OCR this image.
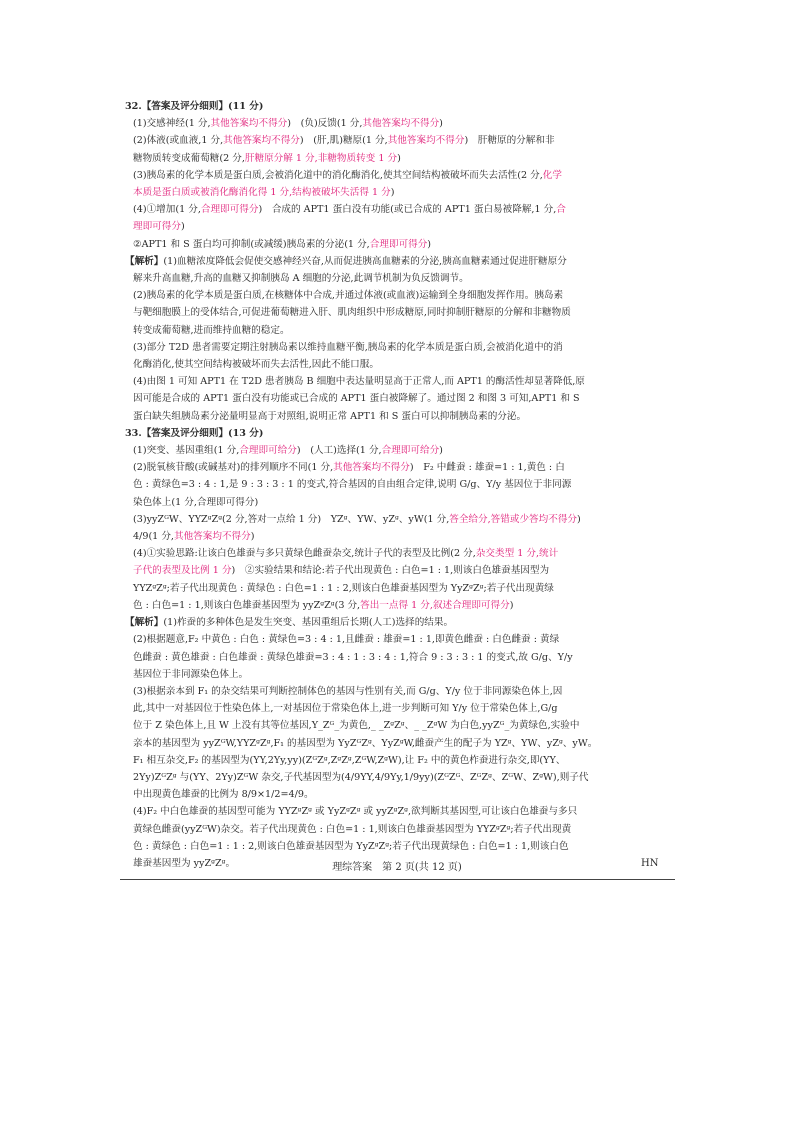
32.【答案及评分细则】(11 分)

(1)交感神经(1 分,其他答案均不得分)　(负)反馈(1 分,其他答案均不得分)

(2)体液(或血液,1 分,其他答案均不得分)　(肝,肌)糖原(1 分,其他答案均不得分)　肝糖原的分解和非

糖物质转变成葡萄糖(2 分,肝糖原分解 1 分,非糖物质转变 1 分)

(3)胰岛素的化学本质是蛋白质,会被消化道中的消化酶消化,使其空间结构被破坏而失去活性(2 分,化学

本质是蛋白质或被消化酶消化得 1 分,结构被破坏失活得 1 分)

(4)①增加(1 分,合理即可得分)　合成的 APT1 蛋白没有功能(或已合成的 APT1 蛋白易被降解,1 分,合

理即可得分)

②APT1 和 S 蛋白均可抑制(或减缓)胰岛素的分泌(1 分,合理即可得分)

【解析】(1)血糖浓度降低会促使交感神经兴奋,从而促进胰高血糖素的分泌,胰高血糖素通过促进肝糖原分

解来升高血糖,升高的血糖又抑制胰岛 A 细胞的分泌,此调节机制为负反馈调节。

(2)胰岛素的化学本质是蛋白质,在核糖体中合成,并通过体液(或血液)运输到全身细胞发挥作用。胰岛素

与靶细胞膜上的受体结合,可促进葡萄糖进入肝、肌肉组织中形成糖原,同时抑制肝糖原的分解和非糖物质

转变成葡萄糖,进而维持血糖的稳定。

(3)部分 T2D 患者需要定期注射胰岛素以维持血糖平衡,胰岛素的化学本质是蛋白质,会被消化道中的消

化酶消化,使其空间结构被破坏而失去活性,因此不能口服。

(4)由图 1 可知 APT1 在 T2D 患者胰岛 B 细胞中表达量明显高于正常人,而 APT1 的酶活性却显著降低,原

因可能是合成的 APT1 蛋白没有功能或已合成的 APT1 蛋白被降解了。通过图 2 和图 3 可知,APT1 和 S

蛋白缺失组胰岛素分泌量明显高于对照组,说明正常 APT1 和 S 蛋白可以抑制胰岛素的分泌。

33.【答案及评分细则】(13 分)

(1)突变、基因重组(1 分,合理即可给分)　(人工)选择(1 分,合理即可给分)

(2)脱氧核苷酸(或碱基对)的排列顺序不同(1 分,其他答案均不得分)　F₂ 中雌蚕 : 雄蚕=1 : 1,黄色 : 白

色 : 黄绿色=3 : 4 : 1,是 9 : 3 : 3 : 1 的变式,符合基因的自由组合定律,说明 G/g、Y/y 基因位于非同源

染色体上(1 分,合理即可得分)

(3)yyZᴳW、YYZᵍZᵍ(2 分,答对一点给 1 分)　YZᵍ、YW、yZᵍ、yW(1 分,答全给分,答错或少答均不得分)

4/9(1 分,其他答案均不得分)

(4)①实验思路:让该白色雄蚕与多只黄绿色雌蚕杂交,统计子代的表型及比例(2 分,杂交类型 1 分,统计

子代的表型及比例 1 分)　②实验结果和结论:若子代出现黄色 : 白色=1 : 1,则该白色雄蚕基因型为

YYZᵍZᵍ;若子代出现黄色 : 黄绿色 : 白色=1 : 1 : 2,则该白色雄蚕基因型为 YyZᵍZᵍ;若子代出现黄绿

色 : 白色=1 : 1,则该白色雄蚕基因型为 yyZᵍZᵍ(3 分,答出一点得 1 分,叙述合理即可得分)

【解析】(1)柞蚕的多种体色是发生突变、基因重组后长期(人工)选择的结果。

(2)根据题意,F₂ 中黄色 : 白色 : 黄绿色=3 : 4 : 1,且雌蚕 : 雄蚕=1 : 1,即黄色雌蚕 : 白色雌蚕 : 黄绿

色雌蚕 : 黄色雄蚕 : 白色雄蚕 : 黄绿色雄蚕=3 : 4 : 1 : 3 : 4 : 1,符合 9 : 3 : 3 : 1 的变式,故 G/g、Y/y

基因位于非同源染色体上。

(3)根据亲本到 F₁ 的杂交结果可判断控制体色的基因与性别有关,而 G/g、Y/y 位于非同源染色体上,因

此,其中一对基因位于性染色体上,一对基因位于常染色体上,进一步判断可知 Y/y 位于常染色体上,G/g

位于 Z 染色体上,且 W 上没有其等位基因,Y_Zᴳ_为黄色,_ _ZᵍZᵍ、_ _ZᵍW 为白色,yyZᴳ_为黄绿色,实验中

亲本的基因型为 yyZᴳW,YYZᵍZᵍ,F₁ 的基因型为 YyZᴳZᵍ、YyZᵍW,雌蚕产生的配子为 YZᵍ、YW、yZᵍ、yW。

F₁ 相互杂交,F₂ 的基因型为(YY,2Yy,yy)(ZᴳZᵍ,ZᵍZᵍ,ZᴳW,ZᵍW),让 F₂ 中的黄色柞蚕进行杂交,即(YY、

2Yy)ZᴳZᵍ 与(YY、2Yy)ZᴳW 杂交,子代基因型为(4/9YY,4/9Yy,1/9yy)(ZᴳZᴳ、ZᴳZᵍ、ZᴳW、ZᵍW),则子代

中出现黄色雄蚕的比例为 8/9×1/2=4/9。

(4)F₂ 中白色雄蚕的基因型可能为 YYZᵍZᵍ 或 YyZᵍZᵍ 或 yyZᵍZᵍ,欲判断其基因型,可让该白色雄蚕与多只

黄绿色雌蚕(yyZᴳW)杂交。若子代出现黄色 : 白色=1 : 1,则该白色雄蚕基因型为 YYZᵍZᵍ;若子代出现黄

色 : 黄绿色 : 白色=1 : 1 : 2,则该白色雄蚕基因型为 YyZᵍZᵍ;若子代出现黄绿色 : 白色=1 : 1,则该白色

雄蚕基因型为 yyZᵍZᵍ。	理综答案　第 2 页(共 12 页)	HN
